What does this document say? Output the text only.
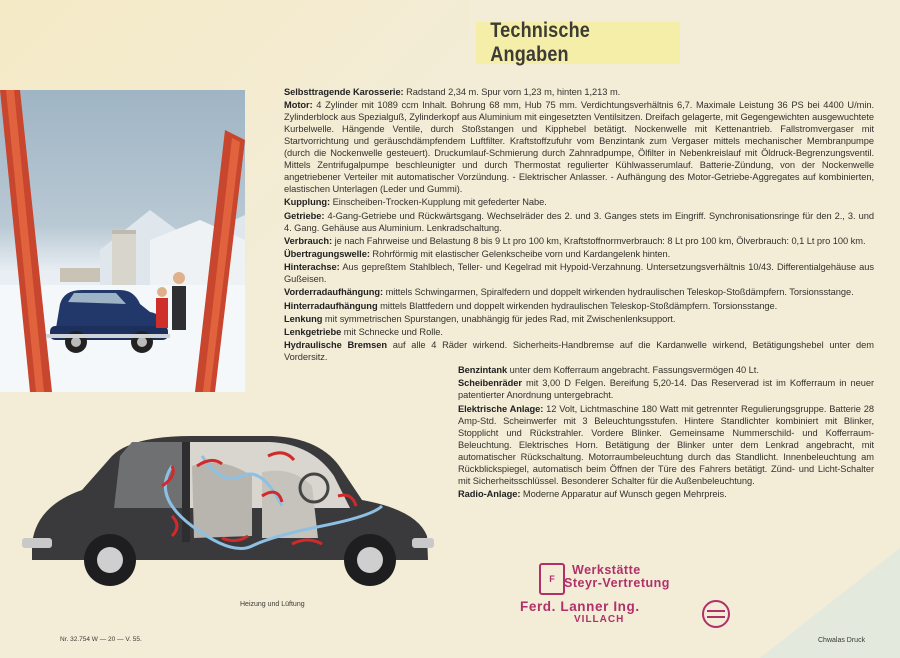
Technische Angaben

Selbsttragende Karosserie: Radstand 2,34 m. Spur vorn 1,23 m, hinten 1,213 m.

Motor: 4 Zylinder mit 1089 ccm Inhalt. Bohrung 68 mm, Hub 75 mm. Verdichtungsverhältnis 6,7. Maximale Leistung 36 PS bei 4400 U/min. Zylinderblock aus Spezialguß, Zylinderkopf aus Aluminium mit eingesetzten Ventilsitzen. Dreifach gelagerte, mit Gegengewichten ausgewuchtete Kurbelwelle. Hängende Ventile, durch Stoßstangen und Kipphebel betätigt. Nockenwelle mit Kettenantrieb. Fallstromvergaser mit Startvorrichtung und geräuschdämpfendem Luftfilter. Kraftstoffzufuhr vom Benzintank zum Vergaser mittels mechanischer Membranpumpe (durch die Nockenwelle gesteuert). Druckumlauf-Schmierung durch Zahnradpumpe, Ölfilter in Nebenkreislauf mit Öldruck-Begrenzungsventil. Mittels Zentrifugalpumpe beschleunigter und durch Thermostat regulierter Kühlwasserumlauf. Batterie-Zündung, von der Nockenwelle angetriebener Verteiler mit automatischer Vorzündung. - Elektrischer Anlasser. - Aufhängung des Motor-Getriebe-Aggregates auf kombinierten, elastischen Unterlagen (Leder und Gummi).

Kupplung: Einscheiben-Trocken-Kupplung mit gefederter Nabe.

Getriebe: 4-Gang-Getriebe und Rückwärtsgang. Wechselräder des 2. und 3. Ganges stets im Eingriff. Synchronisationsringe für den 2., 3. und 4. Gang. Gehäuse aus Aluminium. Lenkradschaltung.

Verbrauch: je nach Fahrweise und Belastung 8 bis 9 Lt pro 100 km, Kraftstoffnormverbrauch: 8 Lt pro 100 km, Ölverbrauch: 0,1 Lt pro 100 km.

Übertragungswelle: Rohrförmig mit elastischer Gelenkscheibe vorn und Kardangelenk hinten.

Hinterachse: Aus gepreßtem Stahlblech, Teller- und Kegelrad mit Hypoid-Verzahnung. Untersetzungsverhältnis 10/43. Differentialgehäuse aus Gußeisen.

Vorderradaufhängung: mittels Schwingarmen, Spiralfedern und doppelt wirkenden hydraulischen Teleskop-Stoßdämpfern. Torsionsstange.

Hinterradaufhängung mittels Blattfedern und doppelt wirkenden hydraulischen Teleskop-Stoßdämpfern. Torsionsstange.

Lenkung mit symmetrischen Spurstangen, unabhängig für jedes Rad, mit Zwischenlenksupport.

Lenkgetriebe mit Schnecke und Rolle.

Hydraulische Bremsen auf alle 4 Räder wirkend. Sicherheits-Handbremse auf die Kardanwelle wirkend, Betätigungshebel unter dem Vordersitz.

Benzintank unter dem Kofferraum angebracht. Fassungsvermögen 40 Lt.

Scheibenräder mit 3,00 D Felgen. Bereifung 5,20-14. Das Reserverad ist im Kofferraum in neuer patentierter Anordnung untergebracht.

Elektrische Anlage: 12 Volt, Lichtmaschine 180 Watt mit getrennter Regulierungsgruppe. Batterie 28 Amp-Std. Scheinwerfer mit 3 Beleuchtungsstufen. Hintere Standlichter kombiniert mit Blinker, Stopplicht und Rückstrahler. Vordere Blinker. Gemeinsame Nummerschild- und Kofferraum-Beleuchtung. Elektrisches Horn. Betätigung der Blinker unter dem Lenkrad angebracht, mit automatischer Rückschaltung. Motorraumbeleuchtung durch das Standlicht. Innenbeleuchtung am Rückblickspiegel, automatisch beim Öffnen der Türe des Fahrers betätigt. Zünd- und Licht-Schalter mit Sicherheitsschlüssel. Besonderer Schalter für die Außenbeleuchtung.

Radio-Anlage: Moderne Apparatur auf Wunsch gegen Mehrpreis.

Heizung und Lüftung
F
Werkstätte
Steyr-Vertretung
Ferd. Lanner Ing.
VILLACH
Nr. 32.754 W — 20 — V. 55.	Chwalas Druck
